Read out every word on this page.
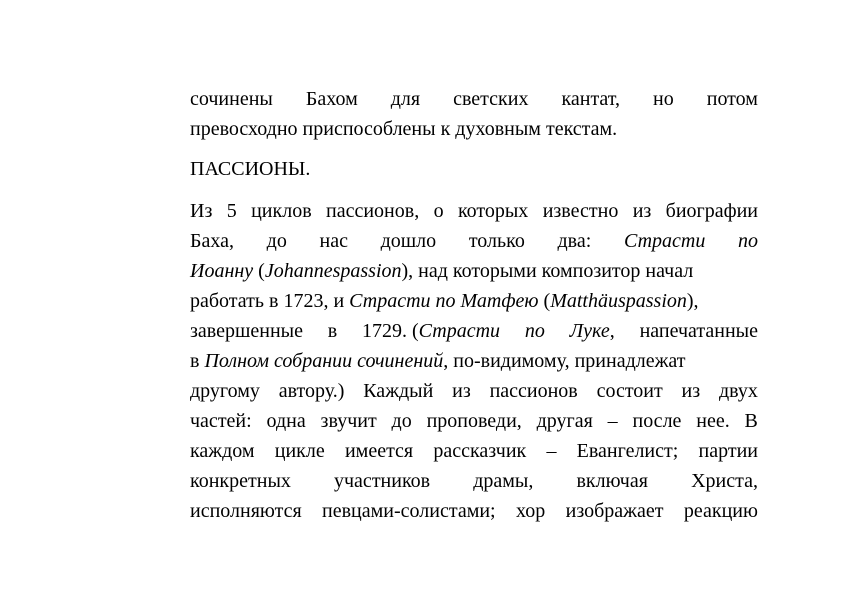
сочинены Бахом для светских кантат, но потом
превосходно приспособлены к духовным текстам.
ПАССИОНЫ.
Из 5 циклов пассионов, о которых известно из биографии
Баха, до нас дошло только два: Страсти по
Иоанну (Johannespassion), над которыми композитор начал
работать в 1723, и Страсти по Матфею (Matthäuspassion),
завершенные в 1729. (Страсти по Луке, напечатанные
в Полном собрании сочинений, по-видимому, принадлежат
другому автору.) Каждый из пассионов состоит из двух
частей: одна звучит до проповеди, другая – после нее. В
каждом цикле имеется рассказчик – Евангелист; партии
конкретных участников драмы, включая Христа,
исполняются певцами-солистами; хор изображает реакцию
